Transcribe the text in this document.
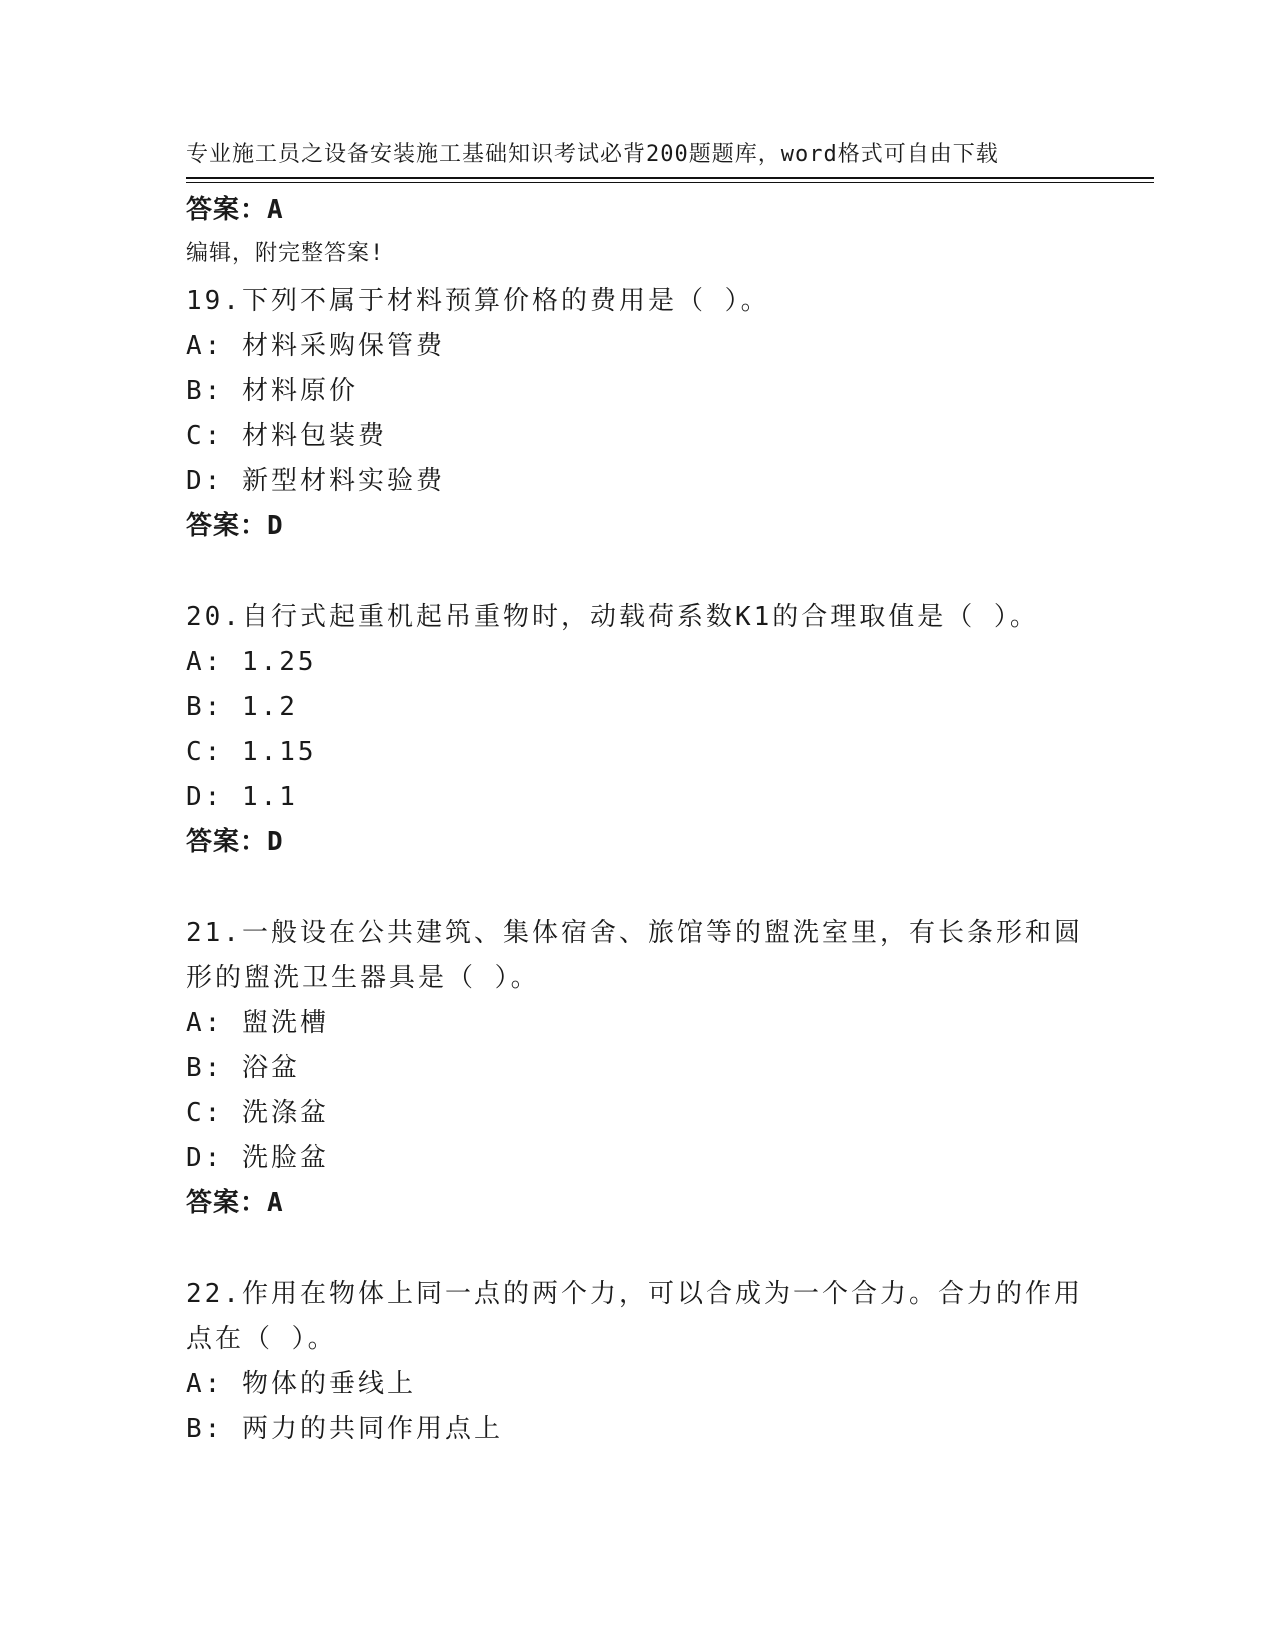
专业施工员之设备安装施工基础知识考试必背200题题库，word格式可自由下载

编辑，附完整答案!

答案：A

19.下列不属于材料预算价格的费用是（ ）。

A: 材料采购保管费

B: 材料原价

C: 材料包装费

D: 新型材料实验费

答案：D

20.自行式起重机起吊重物时，动载荷系数K1的合理取值是（ ）。

A: 1.25

B: 1.2

C: 1.15

D: 1.1

答案：D

21.一般设在公共建筑、集体宿舍、旅馆等的盥洗室里，有长条形和圆

形的盥洗卫生器具是（ ）。

A: 盥洗槽

B: 浴盆

C: 洗涤盆

D: 洗脸盆

答案：A

22.作用在物体上同一点的两个力，可以合成为一个合力。合力的作用

点在（ ）。

A: 物体的垂线上

B: 两力的共同作用点上
